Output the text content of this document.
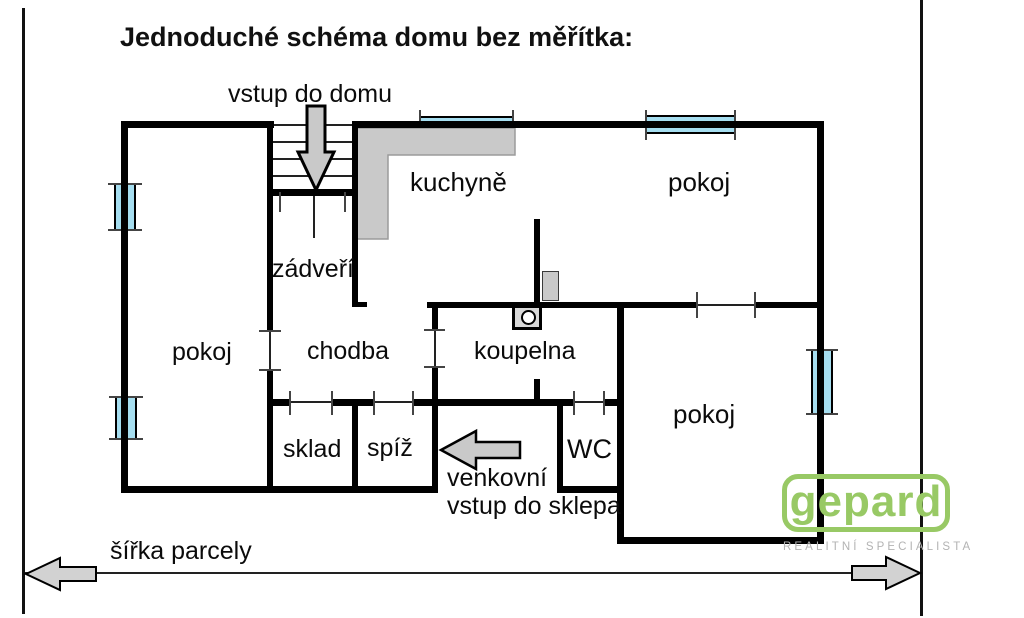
Jednoduché schéma domu bez měřítka:
vstup do domu
kuchyně	pokoj
zádveří
pokoj	chodba	koupelna
pokoj
sklad spíž	WC
venkovní
vstup do sklepa
šířka parcely
gepard
REALITNÍ SPECIALISTA
